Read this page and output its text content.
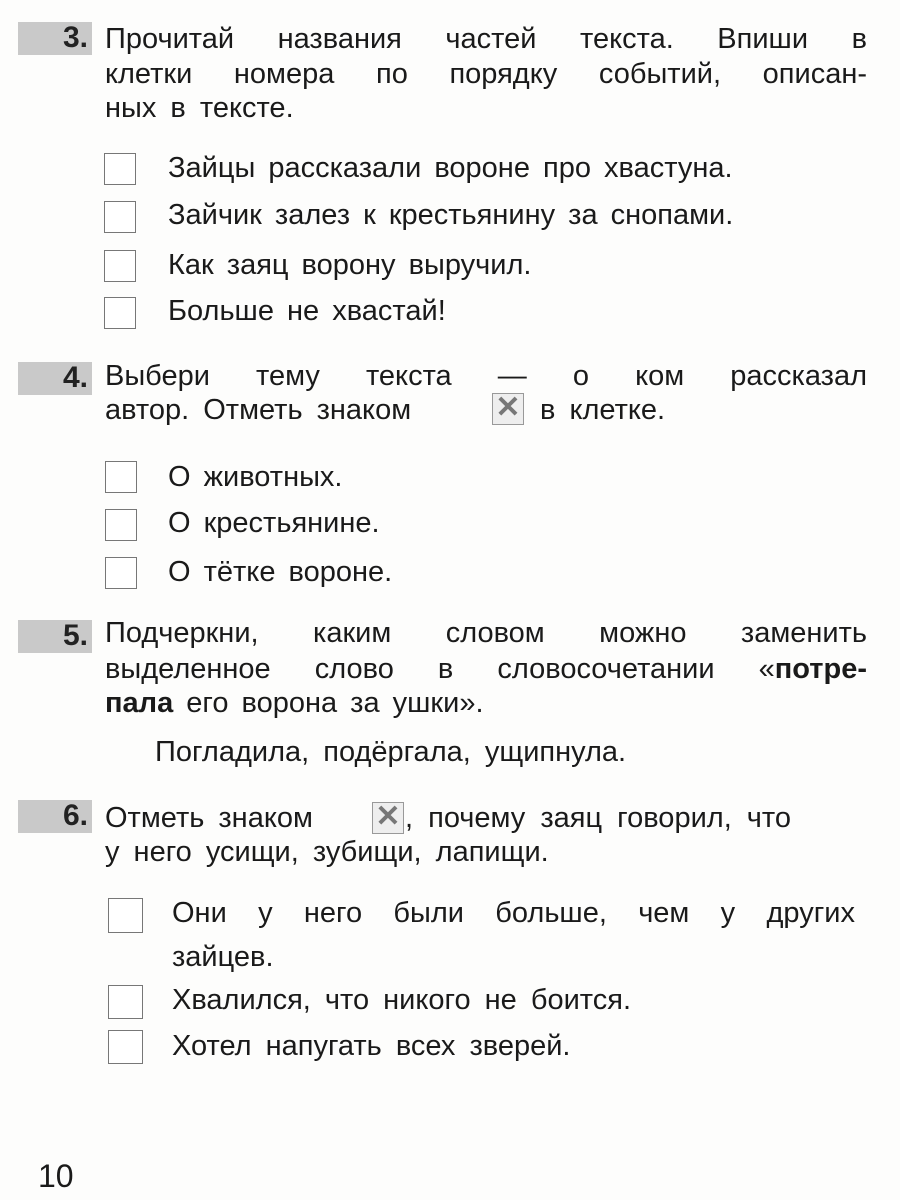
3. Прочитай названия частей текста. Впиши в
клетки номера по порядку событий, описан-
ных в тексте.
Зайцы рассказали вороне про хвастуна.
Зайчик залез к крестьянину за снопами.
Как заяц ворону выручил.
Больше не хвастай!
4. Выбери тему текста — о ком рассказал
автор. Отметь знаком	✕ в клетке.
О животных.
О крестьянине.
О тётке вороне.
5. Подчеркни, каким словом можно заменить
выделенное слово в словосочетании «потре-
пала его ворона за ушки».
Погладила, подёргала, ущипнула.
6. Отметь знаком ✕ , почему заяц говорил, что
у него усищи, зубищи, лапищи.
Они у него были больше, чем у других
зайцев.
Хвалился, что никого не боится.
Хотел напугать всех зверей.
10
